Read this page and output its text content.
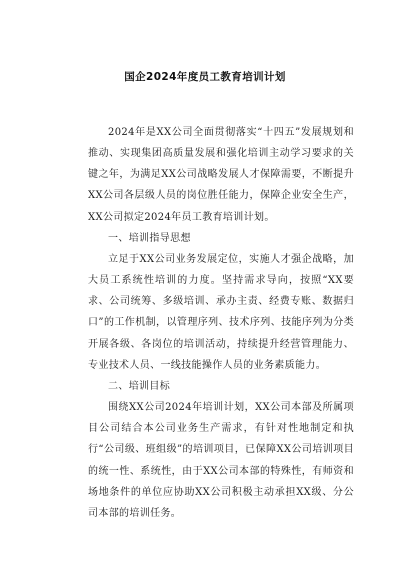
国企2024年度员工教育培训计划

2024年是XX公司全面贯彻落实“十四五”发展规划和推动、实现集团高质量发展和强化培训主动学习要求的关键之年，为满足XX公司战略发展人才保障需要，不断提升XX公司各层级人员的岗位胜任能力，保障企业安全生产，XX公司拟定2024年员工教育培训计划。

一、培训指导思想

立足于XX公司业务发展定位，实施人才强企战略，加大员工系统性培训的力度。坚持需求导向，按照“XX要求、公司统筹、多级培训、承办主责、经费专账、数据归口”的工作机制，以管理序列、技术序列、技能序列为分类开展各级、各岗位的培训活动，持续提升经营管理能力、专业技术人员、一线技能操作人员的业务素质能力。

二、培训目标

围绕XX公司2024年培训计划，XX公司本部及所属项目公司结合本公司业务生产需求，有针对性地制定和执行“公司级、班组级”的培训项目，已保障XX公司培训项目的统一性、系统性，由于XX公司本部的特殊性，有师资和场地条件的单位应协助XX公司积极主动承担XX级、分公司本部的培训任务。
